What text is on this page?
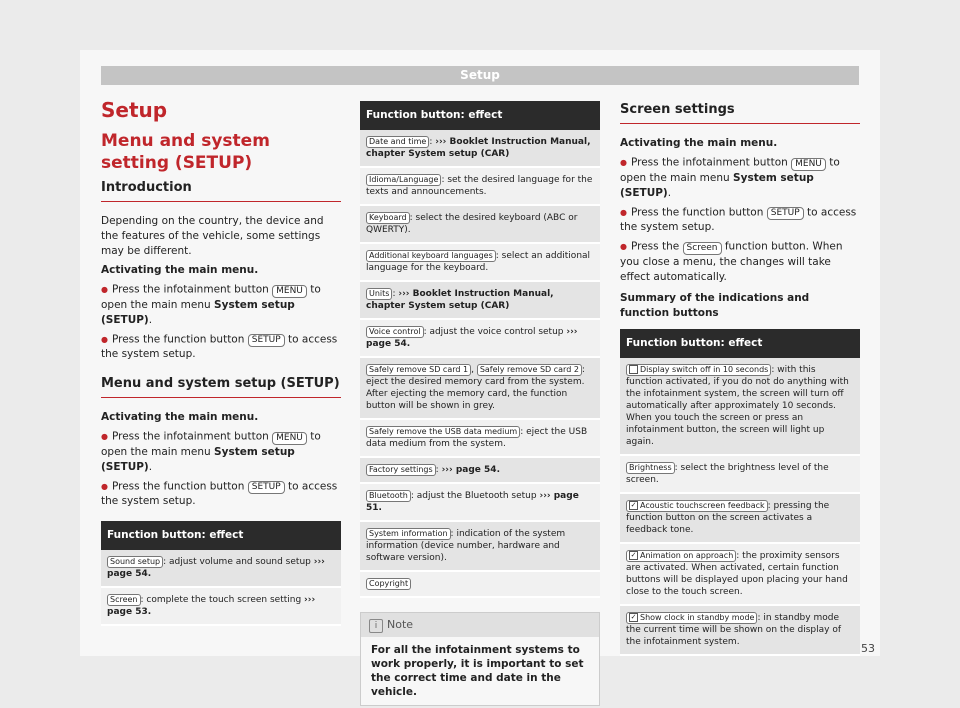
Setup
Setup
Menu and system setting (SETUP)
Introduction

Depending on the country, the device and the features of the vehicle, some settings may be different.

Activating the main menu.

● Press the infotainment button MENU to open the main menu System setup (SETUP).

● Press the function button SETUP to access the system setup.

Menu and system setup (SETUP)

Activating the main menu.

● Press the infotainment button MENU to open the main menu System setup (SETUP).

● Press the function button SETUP to access the system setup.

Function button: effect
Sound setup : adjust volume and sound setup ››› page 54.
Screen : complete the touch screen setting ››› page 53.
Function button: effect
Date and time : ››› Booklet Instruction Manual, chapter System setup (CAR)
Idioma/Language : set the desired language for the texts and announcements.
Keyboard : select the desired keyboard (ABC or QWERTY).
Additional keyboard languages : select an additional language for the keyboard.
Units : ››› Booklet Instruction Manual, chapter System setup (CAR)
Voice control : adjust the voice control setup ››› page 54.
Safely remove SD card 1 , Safely remove SD card 2 : eject the desired memory card from the system. After ejecting the memory card, the function button will be shown in grey.
Safely remove the USB data medium : eject the USB data medium from the system.
Factory settings : ››› page 54.
Bluetooth : adjust the Bluetooth setup ››› page 51.
System information : indication of the system information (device number, hardware and software version).
Copyright
i Note
For all the infotainment systems to work properly, it is important to set the correct time and date in the vehicle.
Screen settings

Activating the main menu.

● Press the infotainment button MENU to open the main menu System setup (SETUP).

● Press the function button SETUP to access the system setup.

● Press the Screen function button. When you close a menu, the changes will take effect automatically.

Summary of the indications and function buttons

Function button: effect
Display switch off in 10 seconds : with this function activated, if you do not do anything with the infotainment system, the screen will turn off automatically after approximately 10 seconds. When you touch the screen or press an infotainment button, the screen will light up again.
Brightness : select the brightness level of the screen.
✓ Acoustic touchscreen feedback : pressing the function button on the screen activates a feedback tone.
✓ Animation on approach : the proximity sensors are activated. When activated, certain function buttons will be displayed upon placing your hand close to the touch screen.
✓ Show clock in standby mode : in standby mode the current time will be shown on the display of the infotainment system.
53
